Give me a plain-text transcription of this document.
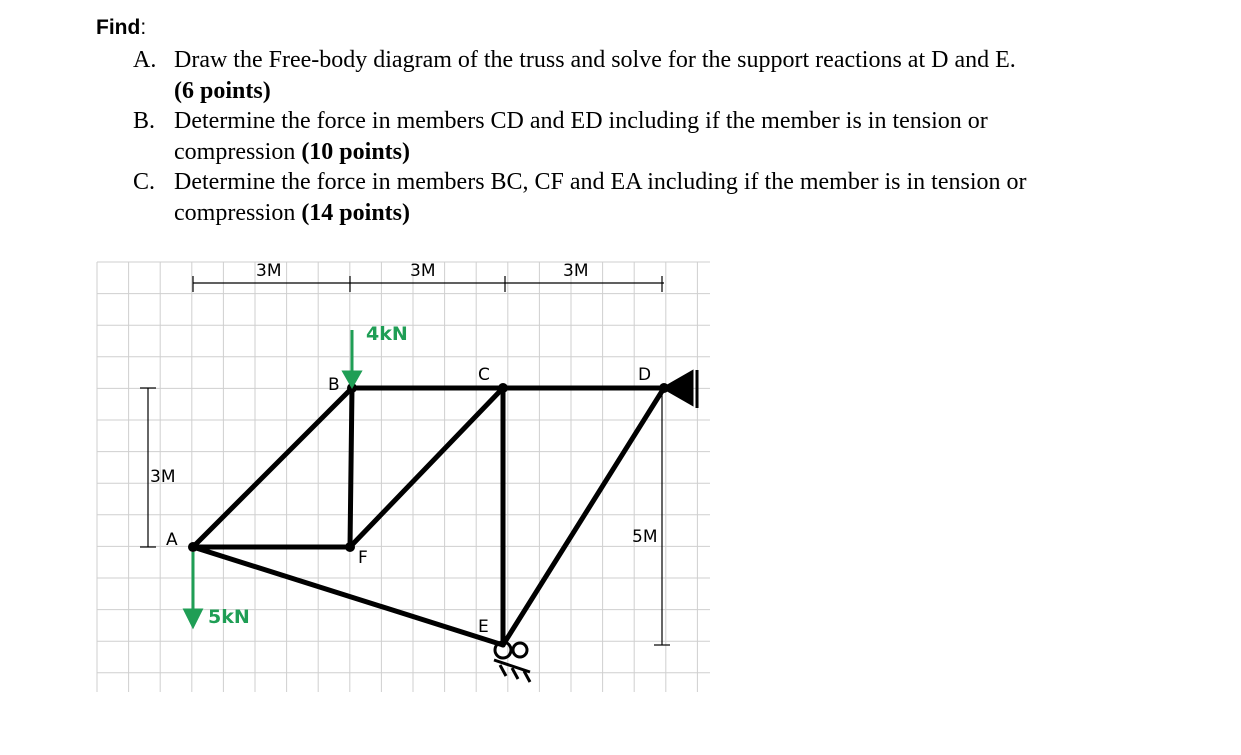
Find:
A. Draw the Free-body diagram of the truss and solve for the support reactions at D and E.
(6 points)
B. Determine the force in members CD and ED including if the member is in tension or
compression (10 points)
C. Determine the force in members BC, CF and EA including if the member is in tension or
compression (14 points)
3M	3M	3M
3M
5M
A
B	C	D
E
F
4kN
5kN
